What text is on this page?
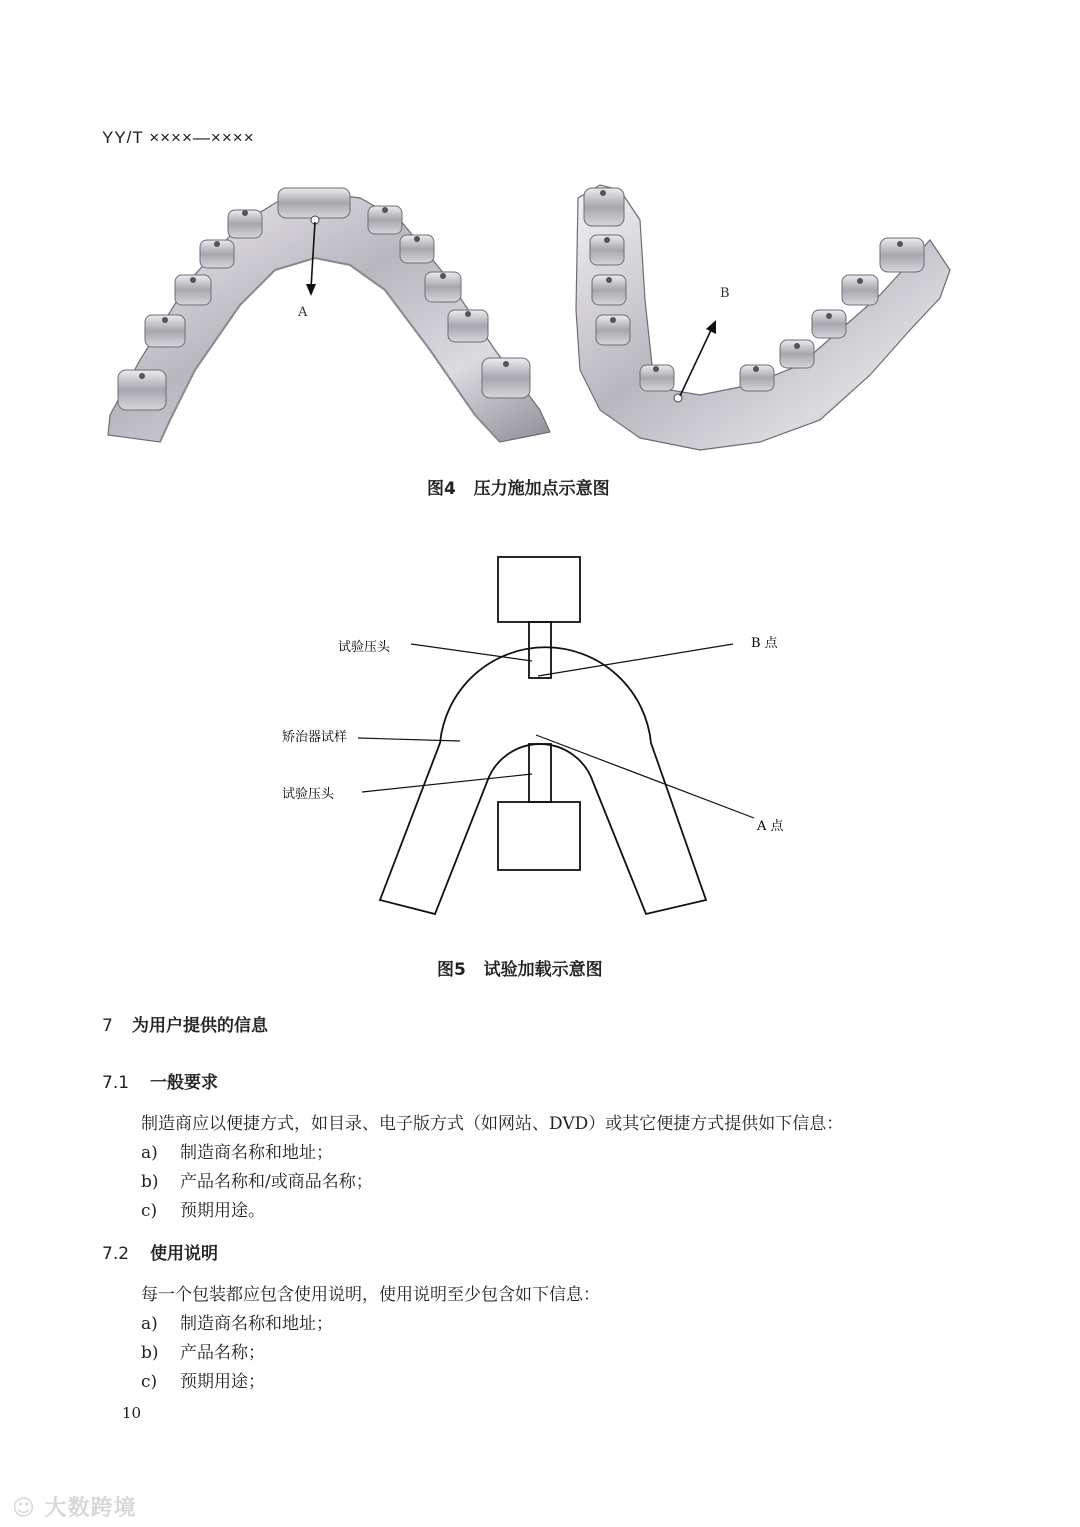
YY/T ××××—××××
A
B
图4   压力施加点示意图
试验压头	B 点
矫治器试样
试验压头
A 点
图5   试验加载示意图
7 为用户提供的信息
7.1 一般要求
制造商应以便捷方式，如目录、电子版方式（如网站、DVD）或其它便捷方式提供如下信息：
a) 制造商名称和地址；
b) 产品名称和/或商品名称；
c) 预期用途。
7.2 使用说明
每一个包装都应包含使用说明，使用说明至少包含如下信息：
a) 制造商名称和地址；
b) 产品名称；
c) 预期用途；
10
☺ 大数跨境
